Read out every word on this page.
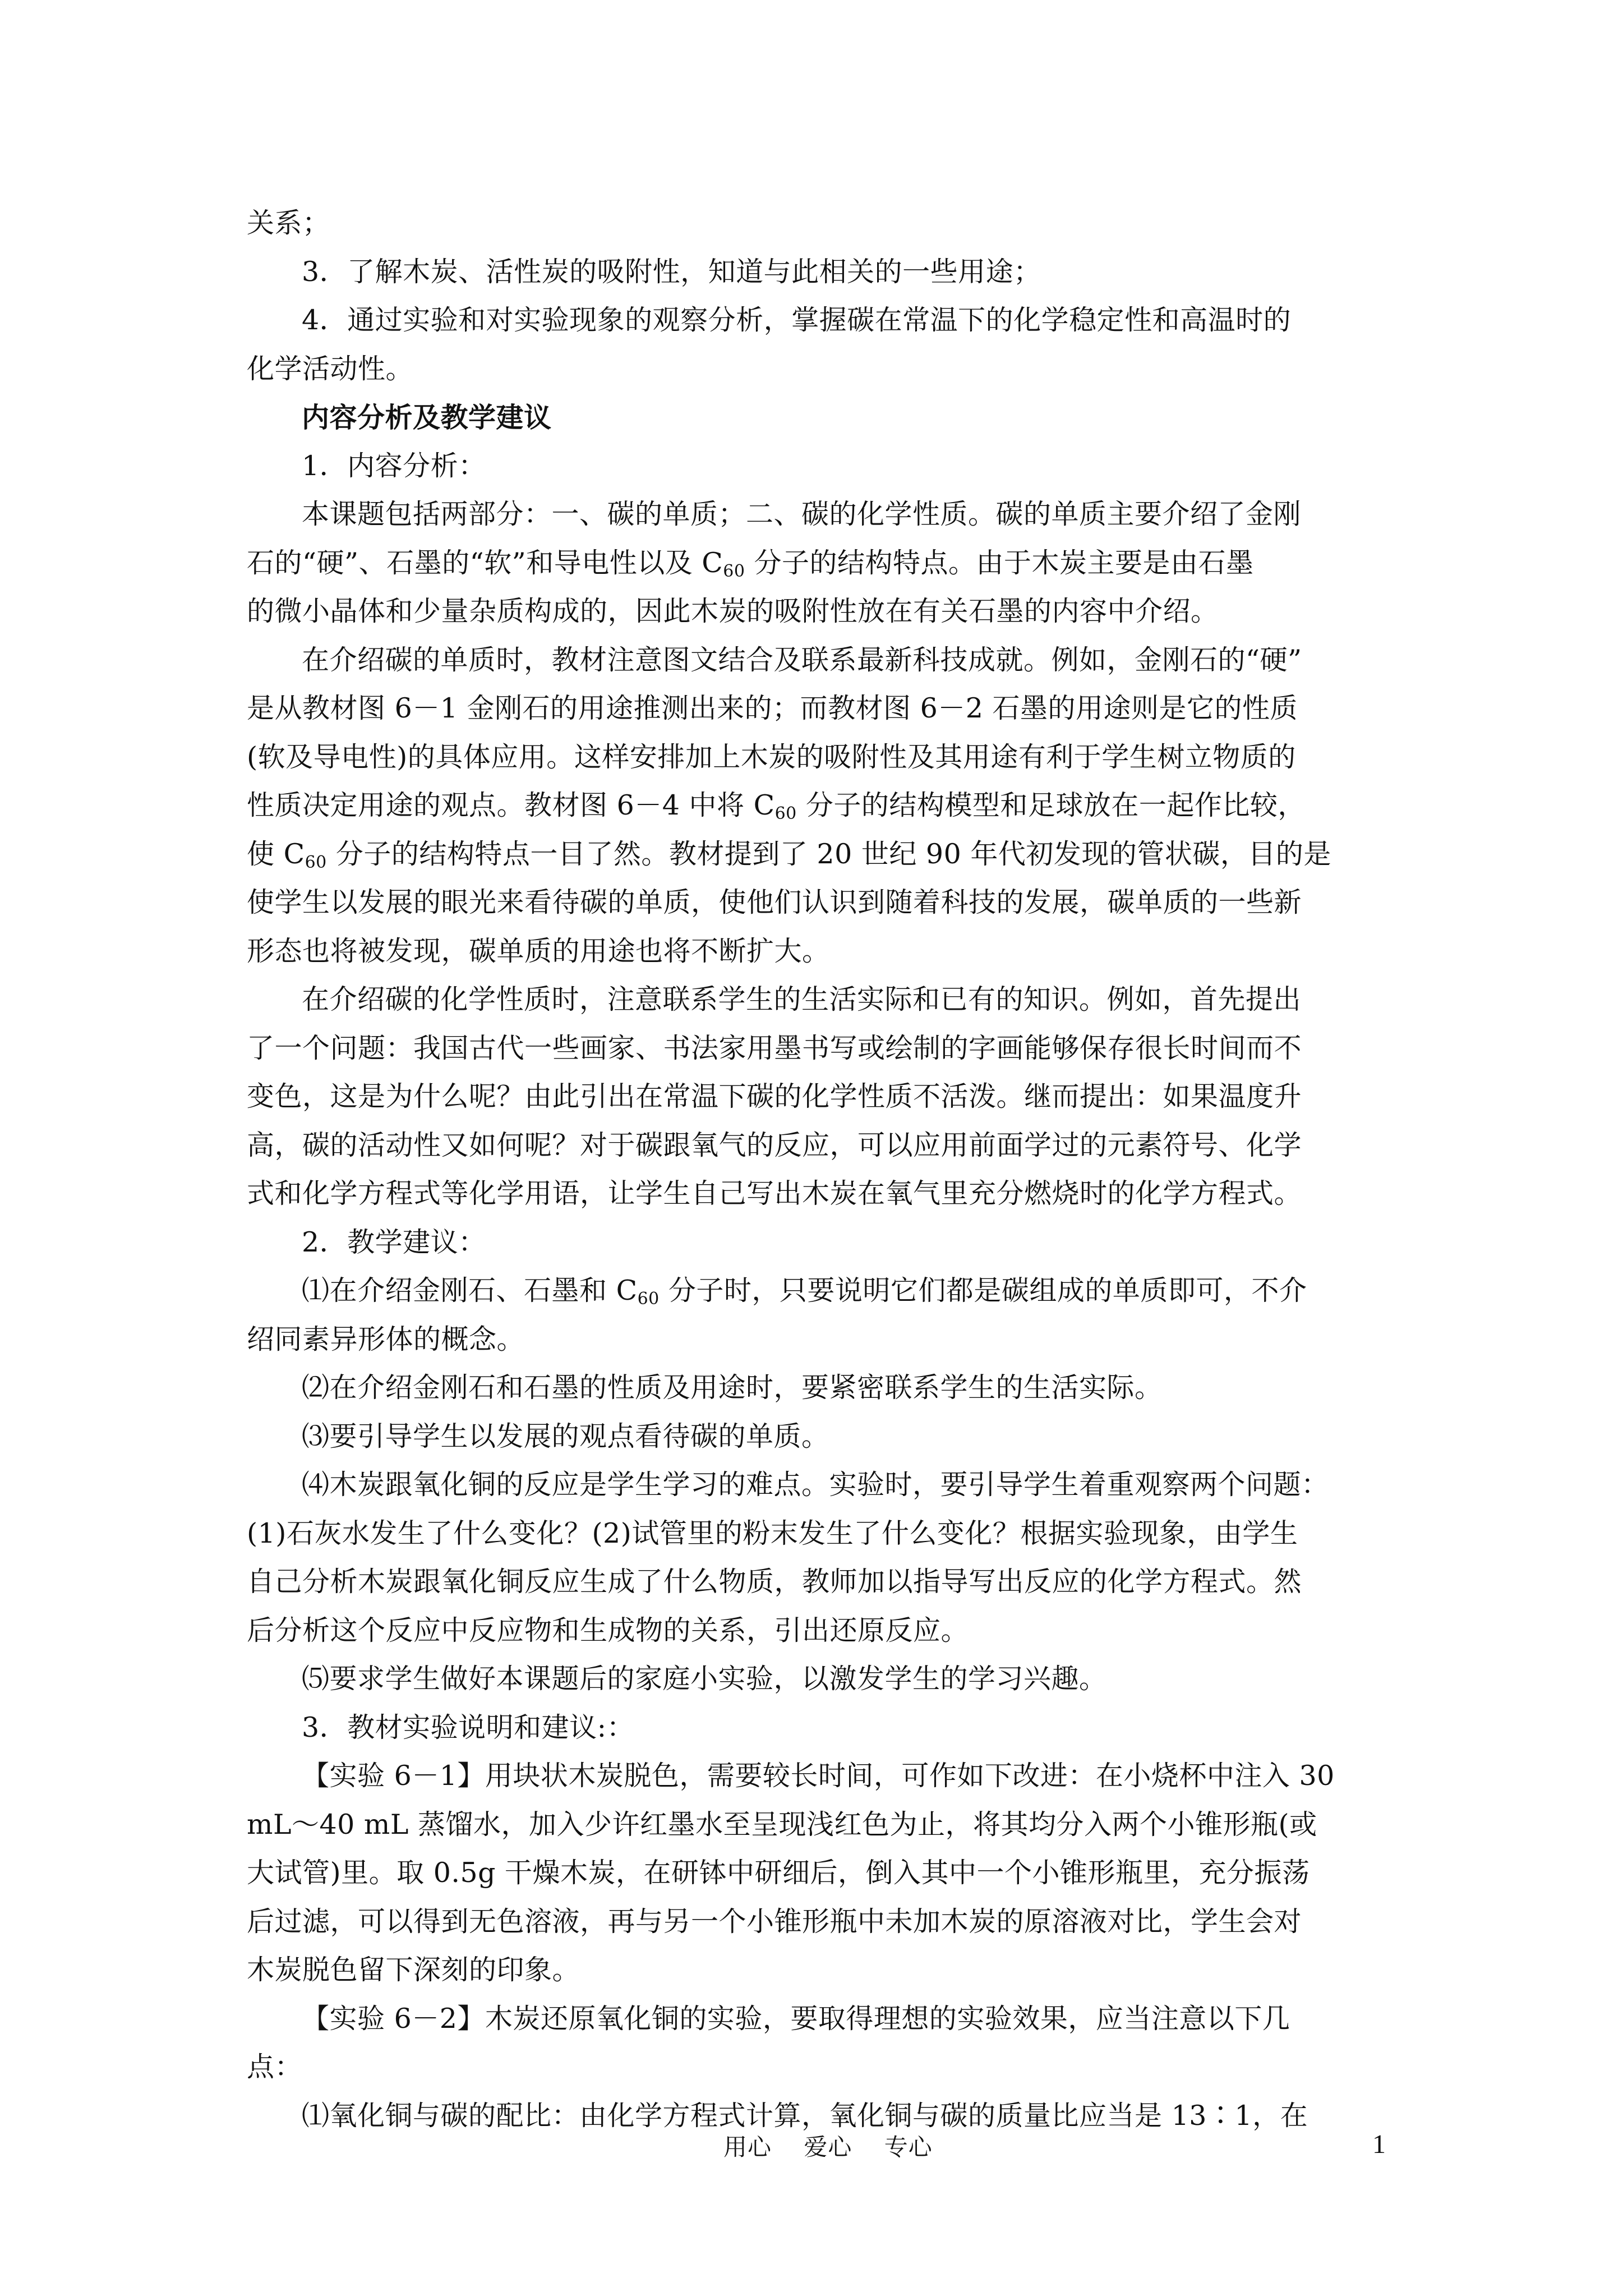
关系；
3．了解木炭、活性炭的吸附性，知道与此相关的一些用途；
4．通过实验和对实验现象的观察分析，掌握碳在常温下的化学稳定性和高温时的
化学活动性。
内容分析及教学建议
1．内容分析：
本课题包括两部分：一、碳的单质；二、碳的化学性质。碳的单质主要介绍了金刚
石的“硬”、石墨的“软”和导电性以及 $C_{60}$ 分子的结构特点。由于木炭主要是由石墨
的微小晶体和少量杂质构成的，因此木炭的吸附性放在有关石墨的内容中介绍。
在介绍碳的单质时，教材注意图文结合及联系最新科技成就。例如，金刚石的“硬”
是从教材图 6－1 金刚石的用途推测出来的；而教材图 6－2 石墨的用途则是它的性质
(软及导电性)的具体应用。这样安排加上木炭的吸附性及其用途有利于学生树立物质的
性质决定用途的观点。教材图 6－4 中将 $C_{60}$ 分子的结构模型和足球放在一起作比较，
使 $C_{60}$ 分子的结构特点一目了然。教材提到了 20 世纪 90 年代初发现的管状碳，目的是
使学生以发展的眼光来看待碳的单质，使他们认识到随着科技的发展，碳单质的一些新
形态也将被发现，碳单质的用途也将不断扩大。
在介绍碳的化学性质时，注意联系学生的生活实际和已有的知识。例如，首先提出
了一个问题：我国古代一些画家、书法家用墨书写或绘制的字画能够保存很长时间而不
变色，这是为什么呢？由此引出在常温下碳的化学性质不活泼。继而提出：如果温度升
高，碳的活动性又如何呢？对于碳跟氧气的反应，可以应用前面学过的元素符号、化学
式和化学方程式等化学用语，让学生自己写出木炭在氧气里充分燃烧时的化学方程式。
2．教学建议：
⑴在介绍金刚石、石墨和 $C_{60}$ 分子时，只要说明它们都是碳组成的单质即可，不介
绍同素异形体的概念。
⑵在介绍金刚石和石墨的性质及用途时，要紧密联系学生的生活实际。
⑶要引导学生以发展的观点看待碳的单质。
⑷木炭跟氧化铜的反应是学生学习的难点。实验时，要引导学生着重观察两个问题：
(1)石灰水发生了什么变化？(2)试管里的粉末发生了什么变化？根据实验现象，由学生
自己分析木炭跟氧化铜反应生成了什么物质，教师加以指导写出反应的化学方程式。然
后分析这个反应中反应物和生成物的关系，引出还原反应。
⑸要求学生做好本课题后的家庭小实验，以激发学生的学习兴趣。
3．教材实验说明和建议:：
【实验 6－1】用块状木炭脱色，需要较长时间，可作如下改进：在小烧杯中注入 30
mL～40 mL 蒸馏水，加入少许红墨水至呈现浅红色为止，将其均分入两个小锥形瓶(或
大试管)里。取 0.5g 干燥木炭，在研钵中研细后，倒入其中一个小锥形瓶里，充分振荡
后过滤，可以得到无色溶液，再与另一个小锥形瓶中未加木炭的原溶液对比，学生会对
木炭脱色留下深刻的印象。
【实验 6－2】木炭还原氧化铜的实验，要取得理想的实验效果，应当注意以下几
点：
⑴氧化铜与碳的配比：由化学方程式计算，氧化铜与碳的质量比应当是 13∶1，在
用心    爱心    专心	1
